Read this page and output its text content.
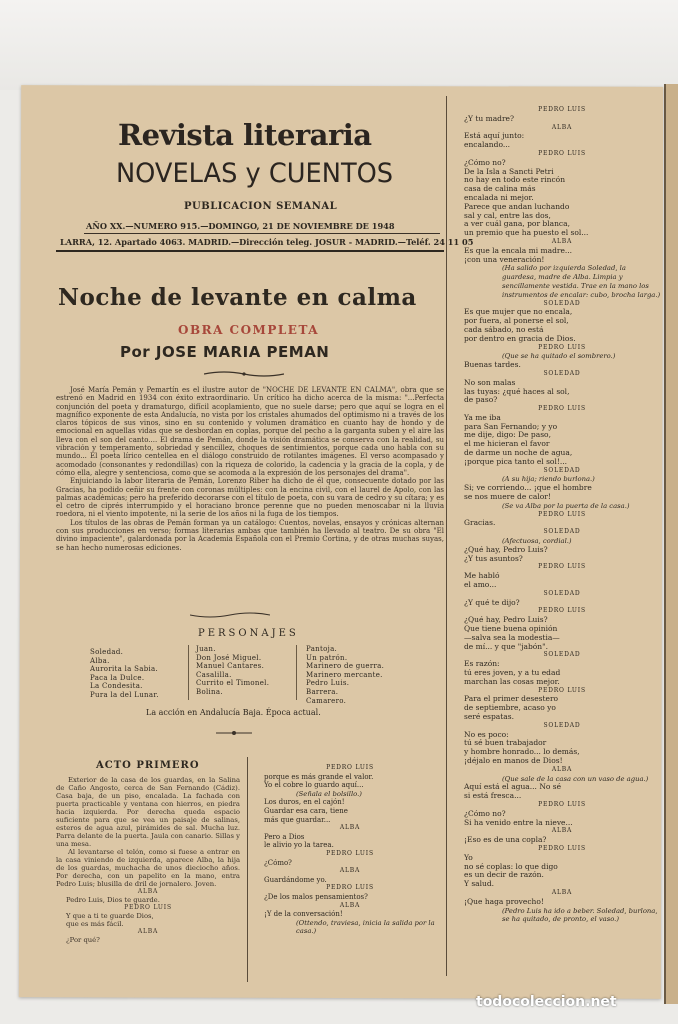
Revista literaria
NOVELAS y CUENTOS
PUBLICACION SEMANAL
AÑO XX.—NUMERO 915.—DOMINGO, 21 DE NOVIEMBRE DE 1948
LARRA, 12. Apartado 4063. MADRID.—Dirección teleg. JOSUR - MADRID.—Teléf. 24 11 05
Noche de levante en calma
OBRA COMPLETA
Por JOSE MARIA PEMAN

José María Pemán y Pemartín es el ilustre autor de "NOCHE DE LEVANTE EN CALMA", obra que se estrenó en Madrid en 1934 con éxito extraordinario. Un crítico ha dicho acerca de la misma: "...Perfecta conjunción del poeta y dramaturgo, difícil acoplamiento, que no suele darse; pero que aquí se logra en el magnífico exponente de esta Andalucía, no vista por los cristales ahumados del optimismo ni a través de los claros tópicos de sus vinos, sino en su contenido y volumen dramático en cuanto hay de hondo y de emocional en aquellas vidas que se desbordan en coplas, porque del pecho a la garganta suben y el aire las lleva con el son del canto.... El drama de Pemán, donde la visión dramática se conserva con la realidad, su vibración y temperamento, sobriedad y sencillez, choques de sentimientos, porque cada uno habla con su mundo... El poeta lírico centellea en el diálogo construido de rotilantes imágenes. El verso acompasado y acomodado (consonantes y redondillas) con la riqueza de colorido, la cadencia y la gracia de la copla, y de cómo ella, alegre y sentenciosa, como que se acomoda a la expresión de los personajes del drama".

Enjuiciando la labor literaria de Pemán, Lorenzo Riber ha dicho de él que, consecuente dotado por las Gracias, ha podido ceñir su frente con coronas múltiples: con la encina civil, con el laurel de Apolo, con las palmas académicas; pero ha preferido decorarse con el título de poeta, con su vara de cedro y su cítara; y es el cetro de ciprés interrumpido y el horaciano bronce perenne que no pueden menoscabar ni la lluvia roedora, ni el viento impotente, ni la serie de los años ni la fuga de los tiempos.

Los títulos de las obras de Pemán forman ya un catálogo: Cuentos, novelas, ensayos y crónicas alternan con sus producciones en verso; formas literarias ambas que también ha llevado al teatro. De su obra "El divino impaciente", galardonada por la Academia Española con el Premio Cortina, y de otras muchas suyas, se han hecho numerosas ediciones.

PERSONAJES
Soledad.
Alba.
Aurorita la Sabia.
Paca la Dulce.
La Condesita.
Pura la del Lunar.
Juan.
Don José Miguel.
Manuel Cantares.
Casalilla.
Currito el Timonel.
Bolina.
Pantoja.
Un patrón.
Marinero de guerra.
Marinero mercante.
Pedro Luis.
Barrera.
Camarero.
La acción en Andalucía Baja. Época actual.
ACTO PRIMERO

Exterior de la casa de los guardas, en la Salina de Caño Angosto, cerca de San Fernando (Cádiz). Casa baja, de un piso, encalada. La fachada con puerta practicable y ventana con hierros, en piedra hacia izquierda. Por derecha queda espacio suficiente para que se vea un paisaje de salinas, esteros de agua azul, pirámides de sal. Mucha luz. Parra delante de la puerta. Jaula con canario. Sillas y una mesa.

Al levantarse el telón, como si fuese a entrar en la casa viniendo de izquierda, aparece Alba, la hija de los guardas, muchacha de unos dieciocho años. Por derecha, con un papelito en la mano, entra Pedro Luis; blusilla de dril de jornalero. Joven.

ALBA
Pedro Luis, Dios te guarde.
PEDRO LUIS
Y que a ti te guarde Dios,
que es más fácil.
ALBA
¿Por qué?
PEDRO LUIS
porque es más grande el valor.
Yo el cobre lo guardo aquí...
(Señala el bolsillo.)
Los duros, en el cajón!
Guardar esa cara, tiene
más que guardar...
ALBA
Pero a Dios
le alivio yo la tarea.
PEDRO LUIS
¿Cómo?
ALBA
Guardándome yo.
PEDRO LUIS
¿De los malos pensamientos?
ALBA
¡Y de la conversación!
(Ottendo, traviesa, inicia la salida por la casa.)
PEDRO LUIS
¿Y tu madre?
ALBA
Está aquí junto:
encalando...
PEDRO LUIS
¿Cómo no?
De la Isla a Sancti Petri
no hay en todo este rincón
casa de calina más
encalada ni mejor.
Parece que andan luchando
sal y cal, entre las dos,
a ver cuál gana, por blanca,
un premio que ha puesto el sol...
ALBA
Es que la encala mi madre...
¡con una veneración!
(Ha salido por izquierda Soledad, la guardesa, madre de Alba. Limpia y sencillamente vestida. Trae en la mano los instrumentos de encalar: cubo, brocha larga.)
SOLEDAD
Es que mujer que no encala,
por fuera, al ponerse el sol,
cada sábado, no está
por dentro en gracia de Dios.
PEDRO LUIS
(Que se ha quitado el sombrero.)
Buenas tardes.
SOLEDAD
No son malas
las tuyas: ¿qué haces al sol,
de paso?
PEDRO LUIS
Ya me iba
para San Fernando; y yo
me dije, digo: De paso,
el me hicieran el favor
de darme un noche de agua,
¡porque pica tanto el sol!...
SOLEDAD
(A su hija; riendo burlona.)
Si; ve corriendo... ¡que el hombre
se nos muere de calor!
(Se va Alba por la puerta de la casa.)
PEDRO LUIS
Gracias.
SOLEDAD
(Afectuosa, cordial.)
¿Qué hay, Pedro Luis?
¿Y tus asuntos?
PEDRO LUIS
Me habló
el amo...
SOLEDAD
¿Y qué te dijo?
PEDRO LUIS
¿Qué hay, Pedro Luis?
Que tiene buena opinión
—salva sea la modestia—
de mí... y que "jabón".
SOLEDAD
Es razón:
tú eres joven, y a tu edad
marchan las cosas mejor.
PEDRO LUIS
Para el primer desestero
de septiembre, acaso yo
seré espatas.
SOLEDAD
No es poco:
tú sé buen trabajador
y hombre honrado... lo demás,
¡déjalo en manos de Dios!
ALBA
(Que sale de la casa con un vaso de agua.)
Aquí está el agua... No sé
si está fresca...
PEDRO LUIS
¿Cómo no?
Si ha venido entre la nieve...
ALBA
¡Eso es de una copla?
PEDRO LUIS
Yo
no sé coplas: lo que digo
es un decir de razón.
Y salud.
ALBA
¡Que haga provecho!
(Pedro Luis ha ido a beber. Soledad, burlona, se ha quitado, de pronto, el vaso.)
todocoleccion.net
